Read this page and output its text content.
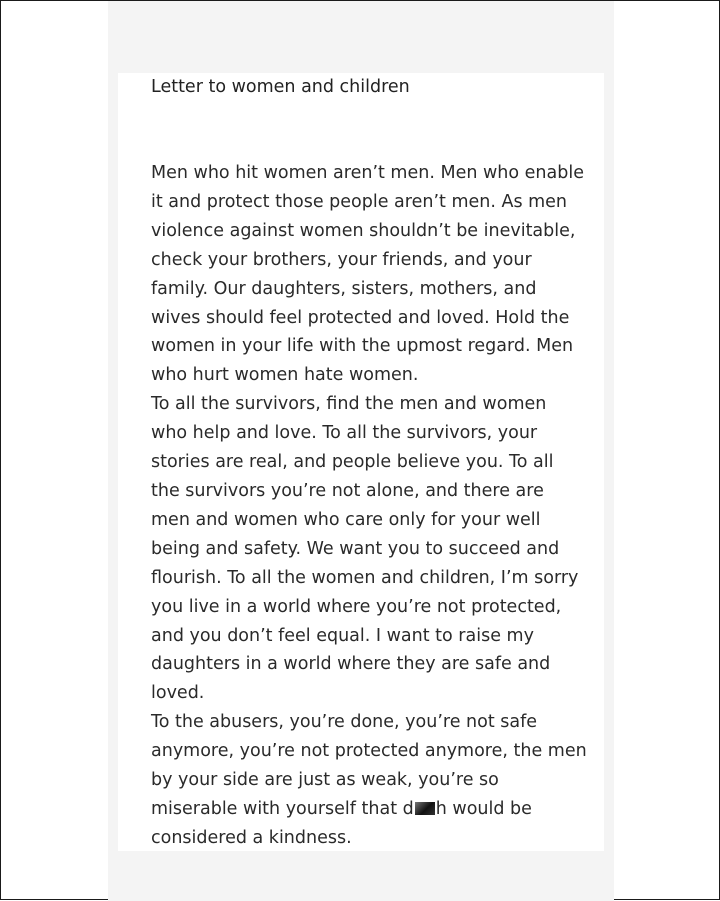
Letter to women and children
Men who hit women aren’t men. Men who enable
it and protect those people aren’t men. As men
violence against women shouldn’t be inevitable,
check your brothers, your friends, and your
family. Our daughters, sisters, mothers, and
wives should feel protected and loved. Hold the
women in your life with the upmost regard. Men
who hurt women hate women.
To all the survivors, find the men and women
who help and love. To all the survivors, your
stories are real, and people believe you. To all
the survivors you’re not alone, and there are
men and women who care only for your well
being and safety. We want you to succeed and
flourish. To all the women and children, I’m sorry
you live in a world where you’re not protected,
and you don’t feel equal. I want to raise my
daughters in a world where they are safe and
loved.
To the abusers, you’re done, you’re not safe
anymore, you’re not protected anymore, the men
by your side are just as weak, you’re so
miserable with yourself that d h would be
considered a kindness.
